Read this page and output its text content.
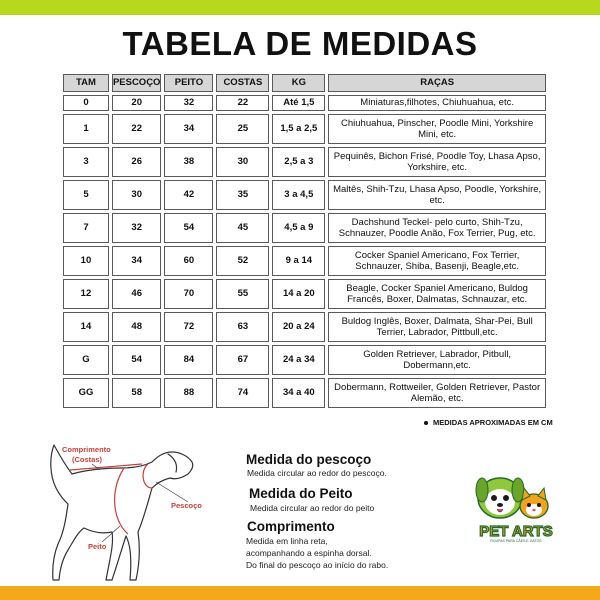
TABELA DE MEDIDAS
TAM	PESCOÇO	PEITO	COSTAS	KG	RAÇAS
0	20	32	22	Até 1,5	Miniaturas,filhotes, Chiuhuahua, etc.
1	22	34	25	1,5 a 2,5	Chiuhuahua, Pinscher, Poodle Mini, Yorkshire Mini, etc.
3	26	38	30	2,5 a 3	Pequinês, Bichon Frisé, Poodle Toy, Lhasa Apso, Yorkshire, etc.
5	30	42	35	3 a 4,5	Maltês, Shih-Tzu, Lhasa Apso, Poodle, Yorkshire, etc.
7	32	54	45	4,5 a 9	Dachshund Teckel- pelo curto, Shih-Tzu, Schnauzer, Poodle Anão, Fox Terrier, Pug, etc.
10	34	60	52	9 a 14	Cocker Spaniel Americano, Fox Terrier, Schnauzer, Shiba, Basenji, Beagle,etc.
12	46	70	55	14 a 20	Beagle, Cocker Spaniel Americano, Buldog Francês, Boxer, Dalmatas, Schnauzar, etc.
14	48	72	63	20 a 24	Buldog Inglês, Boxer, Dalmata, Shar-Pei, Bull Terrier, Labrador, Pittbull,etc.
G	54	84	67	24 a 34	Golden Retriever, Labrador, Pitbull, Dobermann,etc.
GG	58	88	74	34 a 40	Dobermann, Rottweiler, Golden Retriever, Pastor Alemão, etc.
MEDIDAS APROXIMADAS EM CM
Comprimento
(Costas)
Pescoço
Peito
Medida do pescoço
Medida circular ao redor do pescoço.
Medida do Peito
Medida circular ao redor do peito
Comprimento
Medida em linha reta,
acompanhando a espinha dorsal.
Do final do pescoço ao início do rabo.
PET ARTS
ROUPAS PARA CÃES E GATOS
